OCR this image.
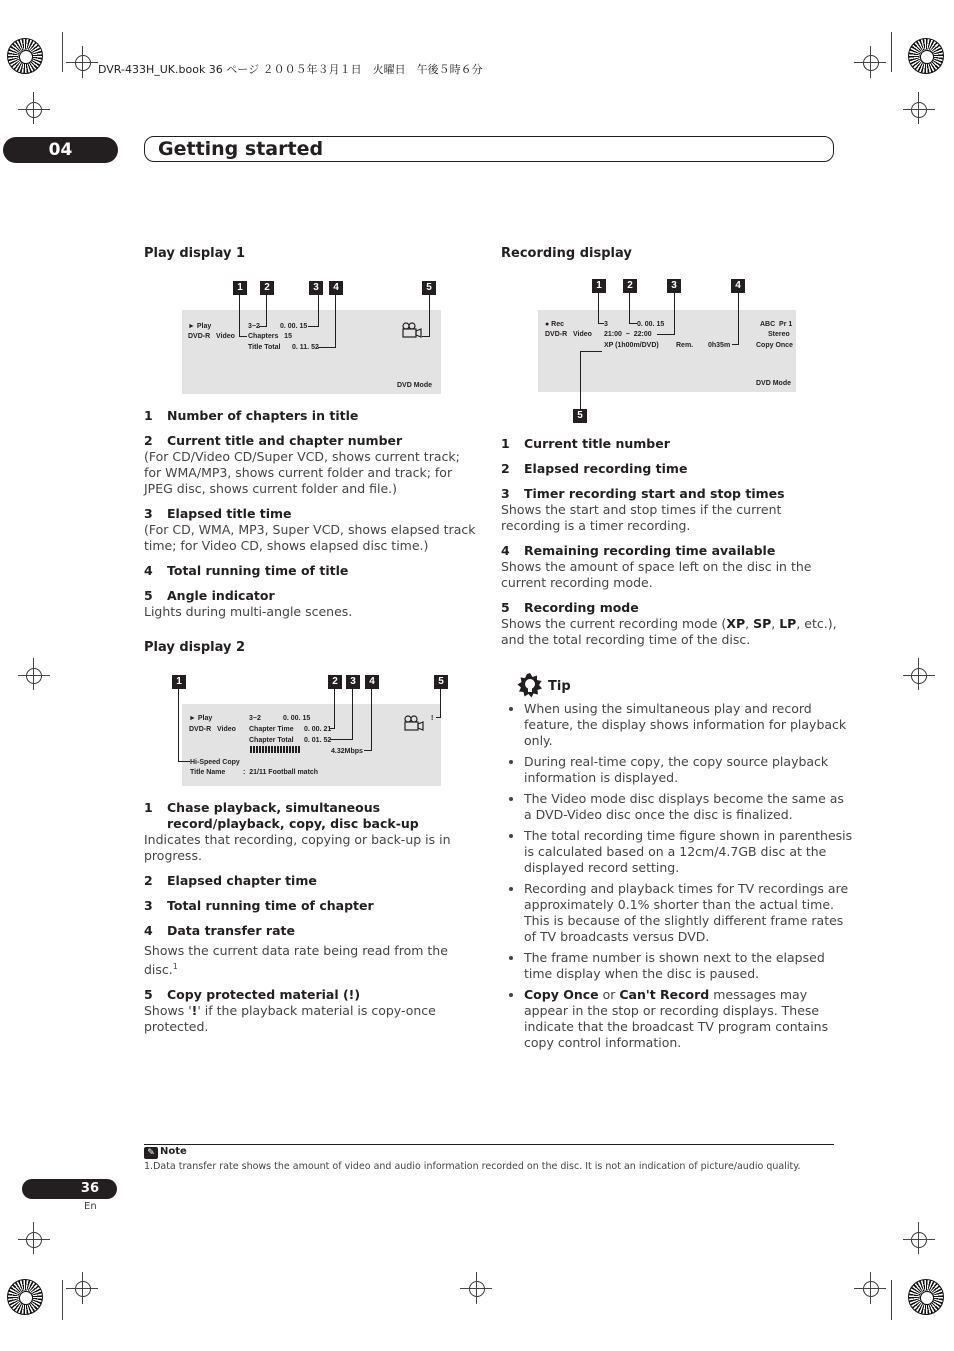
DVR-433H_UK.book 36 ページ ２００５年３月１日　火曜日　午後５時６分
04	Getting started
Play display 1
1	2	3	4	5
► Play
DVD-R   Video
3−2	0. 00. 15
Chapters   15
Title Total 0. 11. 52
DVD Mode
1 Number of chapters in title
2 Current title and chapter number
(For CD/Video CD/Super VCD, shows current track; for WMA/MP3, shows current folder and track; for JPEG disc, shows current folder and file.)
3 Elapsed title time
(For CD, WMA, MP3, Super VCD, shows elapsed track time; for Video CD, shows elapsed disc time.)
4 Total running time of title
5 Angle indicator
Lights during multi-angle scenes.
Play display 2
1	2	3	4	5
► Play
DVD-R   Video
3−2	0. 00. 15
Chapter Time 0. 00. 21
Chapter Total 0. 01. 52
4.32Mbps
Hi-Speed Copy
Title Name	:  21/11 Football match
!
1 Chase playback, simultaneous record/playback, copy, disc back-up
Indicates that recording, copying or back-up is in progress.
2 Elapsed chapter time
3 Total running time of chapter
4 Data transfer rate
Shows the current data rate being read from the disc.$^1$
5 Copy protected material (!)
Shows '!' if the playback material is copy-once protected.
Recording display
1	2	3	4
5
● Rec
DVD-R   Video
3	0. 00. 15
21:00  −  22:00
XP (1h00m/DVD) Rem. 0h35m
ABC  Pr 1
Stereo
Copy Once
DVD Mode
1 Current title number
2 Elapsed recording time
3 Timer recording start and stop times
Shows the start and stop times if the current recording is a timer recording.
4 Remaining recording time available
Shows the amount of space left on the disc in the current recording mode.
5 Recording mode
Shows the current recording mode (XP, SP, LP, etc.), and the total recording time of the disc.
Tip
• When using the simultaneous play and record feature, the display shows information for playback only.
• During real-time copy, the copy source playback information is displayed.
• The Video mode disc displays become the same as a DVD-Video disc once the disc is finalized.
• The total recording time figure shown in parenthesis is calculated based on a 12cm/4.7GB disc at the displayed record setting.
• Recording and playback times for TV recordings are approximately 0.1% shorter than the actual time. This is because of the slightly different frame rates of TV broadcasts versus DVD.
• The frame number is shown next to the elapsed time display when the disc is paused.
• Copy Once or Can't Record messages may appear in the stop or recording displays. These indicate that the broadcast TV program contains copy control information.
✎ Note
1.Data transfer rate shows the amount of video and audio information recorded on the disc. It is not an indication of picture/audio quality.
36
En
